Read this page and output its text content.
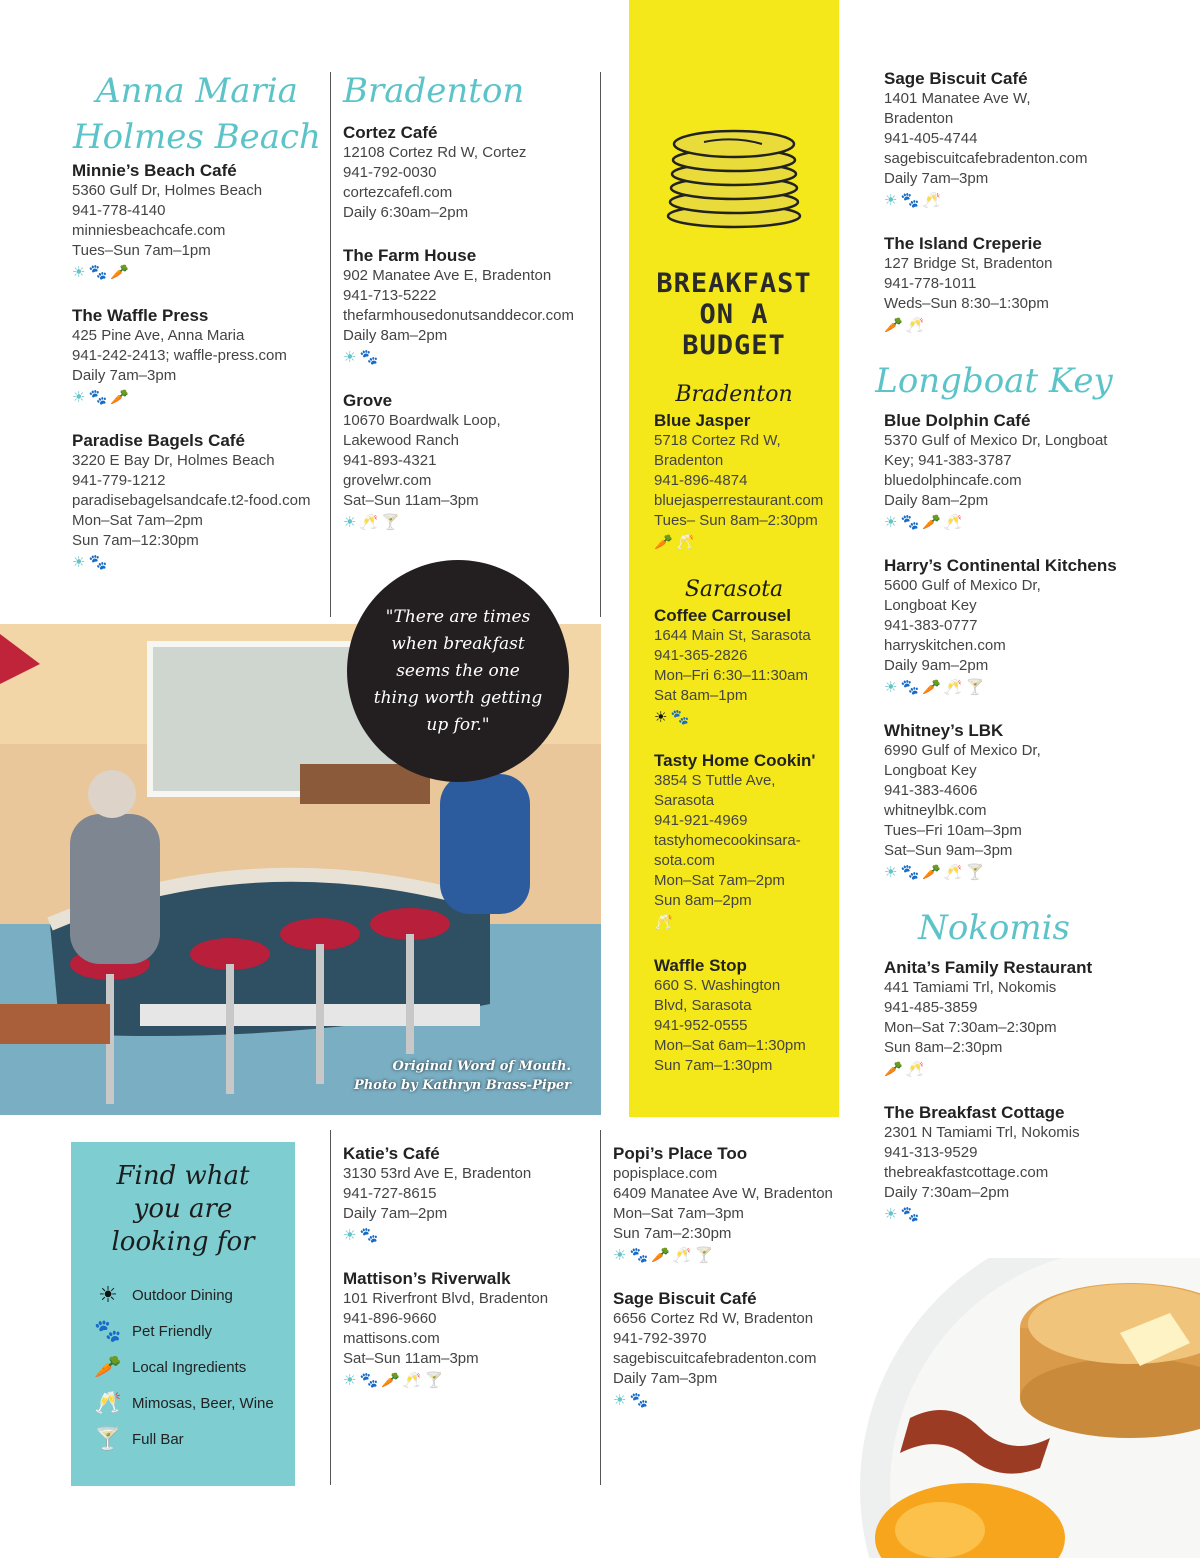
Anna Maria
Holmes Beach
Minnie’s Beach Café
5360 Gulf Dr, Holmes Beach
941-778-4140
minniesbeachcafe.com
Tues–Sun 7am–1pm
☀ 🐾 🥕
The Waffle Press
425 Pine Ave, Anna Maria
941-242-2413; waffle-press.com
Daily 7am–3pm
☀ 🐾 🥕
Paradise Bagels Café
3220 E Bay Dr, Holmes Beach
941-779-1212
paradisebagelsandcafe.t2-food.com
Mon–Sat 7am–2pm
Sun 7am–12:30pm
☀ 🐾
Bradenton
Cortez Café
12108 Cortez Rd W, Cortez
941-792-0030
cortezcafefl.com
Daily 6:30am–2pm
The Farm House
902 Manatee Ave E, Bradenton
941-713-5222
thefarmhousedonutsanddecor.com
Daily 8am–2pm
☀ 🐾
Grove
10670 Boardwalk Loop,
Lakewood Ranch
941-893-4321
grovelwr.com
Sat–Sun 11am–3pm
☀ 🥂 🍸
BREAKFAST
ON A
BUDGET
Bradenton
Blue Jasper
5718 Cortez Rd W,
Bradenton
941-896-4874
bluejasperrestaurant.com
Tues– Sun 8am–2:30pm
🥕 🥂
Sarasota
Coffee Carrousel
1644 Main St, Sarasota
941-365-2826
Mon–Fri 6:30–11:30am
Sat 8am–1pm
☀ 🐾
Tasty Home Cookin'
3854 S Tuttle Ave,
Sarasota
941-921-4969
tastyhomecookinsara-
sota.com
Mon–Sat 7am–2pm
Sun 8am–2pm
🥂
Waffle Stop
660 S. Washington
Blvd, Sarasota
941-952-0555
Mon–Sat 6am–1:30pm
Sun 7am–1:30pm
Sage Biscuit Café
1401 Manatee Ave W,
Bradenton
941-405-4744
sagebiscuitcafebradenton.com
Daily 7am–3pm
☀ 🐾 🥂
The Island Creperie
127 Bridge St, Bradenton
941-778-1011
Weds–Sun 8:30–1:30pm
🥕 🥂
Longboat Key
Blue Dolphin Café
5370 Gulf of Mexico Dr, Longboat
Key; 941-383-3787
bluedolphincafe.com
Daily 8am–2pm
☀ 🐾 🥕 🥂
Harry’s Continental Kitchens
5600 Gulf of Mexico Dr,
Longboat Key
941-383-0777
harryskitchen.com
Daily 9am–2pm
☀ 🐾 🥕 🥂 🍸
Whitney’s LBK
6990 Gulf of Mexico Dr,
Longboat Key
941-383-4606
whitneylbk.com
Tues–Fri 10am–3pm
Sat–Sun 9am–3pm
☀ 🐾 🥕 🥂 🍸
Nokomis
Anita’s Family Restaurant
441 Tamiami Trl, Nokomis
941-485-3859
Mon–Sat 7:30am–2:30pm
Sun 8am–2:30pm
🥕 🥂
The Breakfast Cottage
2301 N Tamiami Trl, Nokomis
941-313-9529
thebreakfastcottage.com
Daily 7:30am–2pm
☀ 🐾
Original Word of Mouth.
Photo by Kathryn Brass-Piper
"There are times when breakfast seems the one thing worth getting up for."
Katie’s Café
3130 53rd Ave E, Bradenton
941-727-8615
Daily 7am–2pm
☀ 🐾
Mattison’s Riverwalk
101 Riverfront Blvd, Bradenton
941-896-9660
mattisons.com
Sat–Sun 11am–3pm
☀ 🐾 🥕 🥂 🍸
Popi’s Place Too
popisplace.com
6409 Manatee Ave W, Bradenton
Mon–Sat 7am–3pm
Sun 7am–2:30pm
☀ 🐾 🥕 🥂 🍸
Sage Biscuit Café
6656 Cortez Rd W, Bradenton
941-792-3970
sagebiscuitcafebradenton.com
Daily 7am–3pm
☀ 🐾
Find what
you are
looking for
☀ Outdoor Dining
🐾 Pet Friendly
🥕 Local Ingredients
🥂 Mimosas, Beer, Wine
🍸 Full Bar
